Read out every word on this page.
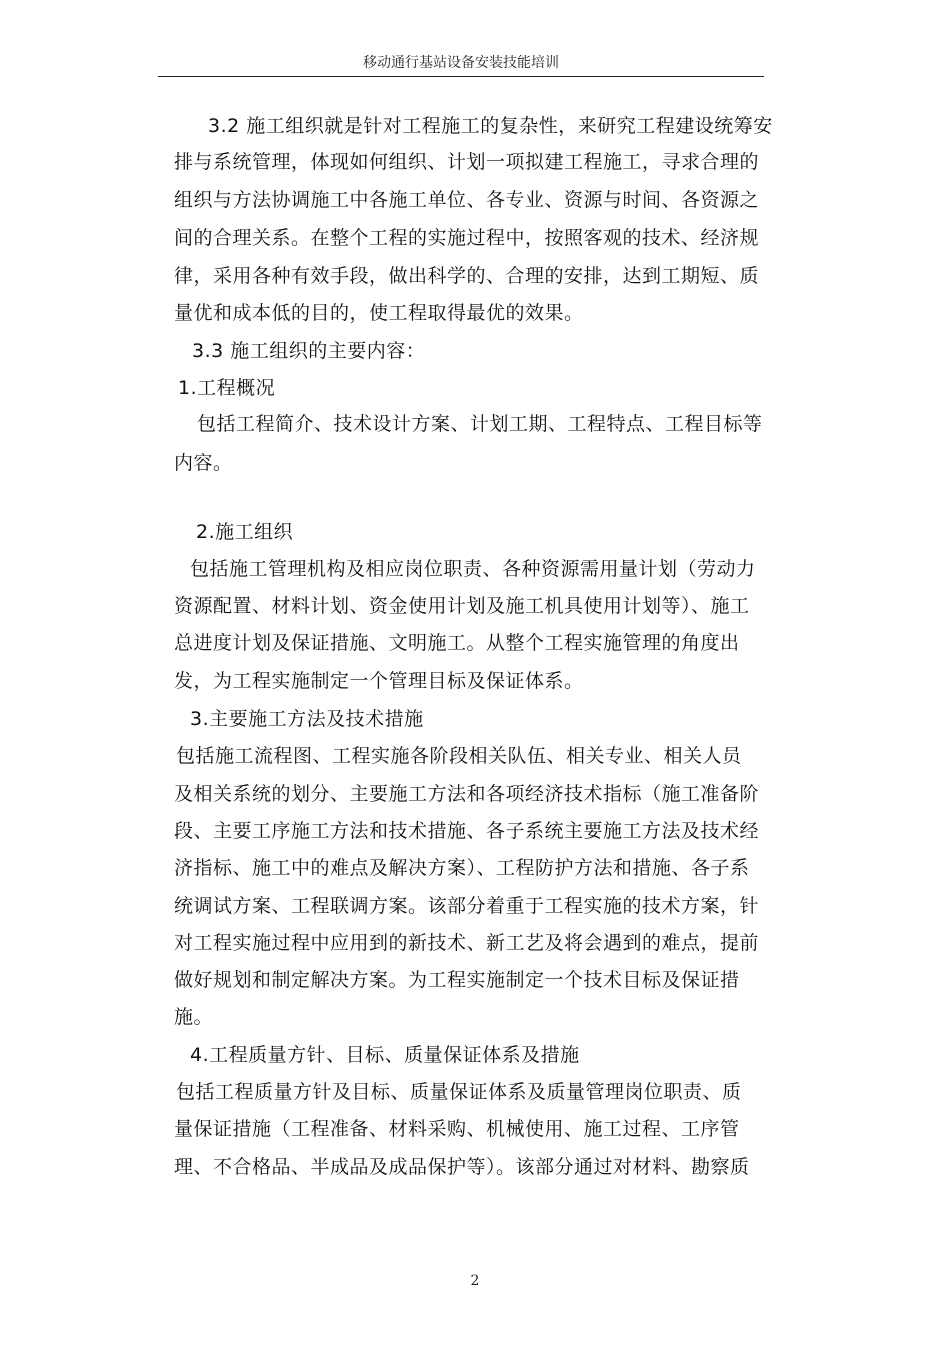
移动通行基站设备安装技能培训
3.2 施工组织就是针对工程施工的复杂性，来研究工程建设统筹安
排与系统管理，体现如何组织、计划一项拟建工程施工，寻求合理的
组织与方法协调施工中各施工单位、各专业、资源与时间、各资源之
间的合理关系。在整个工程的实施过程中，按照客观的技术、经济规
律，采用各种有效手段，做出科学的、合理的安排，达到工期短、质
量优和成本低的目的，使工程取得最优的效果。
3.3 施工组织的主要内容：
1.工程概况
包括工程简介、技术设计方案、计划工期、工程特点、工程目标等
内容。
2.施工组织
包括施工管理机构及相应岗位职责、各种资源需用量计划（劳动力
资源配置、材料计划、资金使用计划及施工机具使用计划等）、施工
总进度计划及保证措施、文明施工。从整个工程实施管理的角度出
发，为工程实施制定一个管理目标及保证体系。
3.主要施工方法及技术措施
包括施工流程图、工程实施各阶段相关队伍、相关专业、相关人员
及相关系统的划分、主要施工方法和各项经济技术指标（施工准备阶
段、主要工序施工方法和技术措施、各子系统主要施工方法及技术经
济指标、施工中的难点及解决方案）、工程防护方法和措施、各子系
统调试方案、工程联调方案。该部分着重于工程实施的技术方案，针
对工程实施过程中应用到的新技术、新工艺及将会遇到的难点，提前
做好规划和制定解决方案。为工程实施制定一个技术目标及保证措
施。
4.工程质量方针、目标、质量保证体系及措施
包括工程质量方针及目标、质量保证体系及质量管理岗位职责、质
量保证措施（工程准备、材料采购、机械使用、施工过程、工序管
理、不合格品、半成品及成品保护等）。该部分通过对材料、勘察质
2
